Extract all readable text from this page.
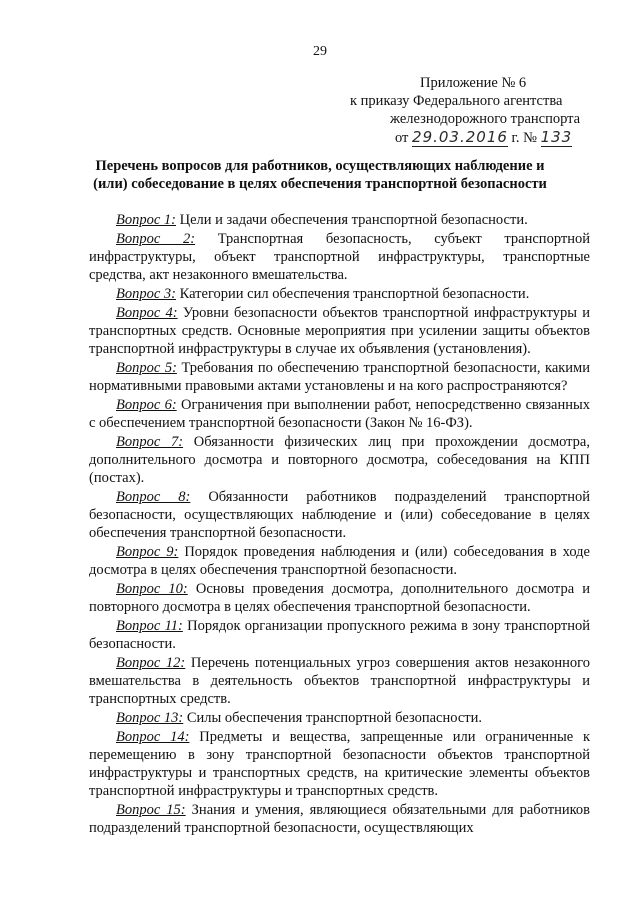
29
Приложение № 6
к приказу Федерального агентства
железнодорожного транспорта
от 29.03.2016 г. № 133
Перечень вопросов для работников, осуществляющих наблюдение и (или) собеседование в целях обеспечения транспортной безопасности

Вопрос 1: Цели и задачи обеспечения транспортной безопасности.

Вопрос 2: Транспортная безопасность, субъект транспортной инфраструктуры, объект транспортной инфраструктуры, транспортные средства, акт незаконного вмешательства.

Вопрос 3: Категории сил обеспечения транспортной безопасности.

Вопрос 4: Уровни безопасности объектов транспортной инфраструктуры и транспортных средств. Основные мероприятия при усилении защиты объектов транспортной инфраструктуры в случае их объявления (установления).

Вопрос 5: Требования по обеспечению транспортной безопасности, какими нормативными правовыми актами установлены и на кого распространяются?

Вопрос 6: Ограничения при выполнении работ, непосредственно связанных с обеспечением транспортной безопасности (Закон № 16-ФЗ).

Вопрос 7: Обязанности физических лиц при прохождении досмотра, дополнительного досмотра и повторного досмотра, собеседования на КПП (постах).

Вопрос 8: Обязанности работников подразделений транспортной безопасности, осуществляющих наблюдение и (или) собеседование в целях обеспечения транспортной безопасности.

Вопрос 9: Порядок проведения наблюдения и (или) собеседования в ходе досмотра в целях обеспечения транспортной безопасности.

Вопрос 10: Основы проведения досмотра, дополнительного досмотра и повторного досмотра в целях обеспечения транспортной безопасности.

Вопрос 11: Порядок организации пропускного режима в зону транспортной безопасности.

Вопрос 12: Перечень потенциальных угроз совершения актов незаконного вмешательства в деятельность объектов транспортной инфраструктуры и транспортных средств.

Вопрос 13: Силы обеспечения транспортной безопасности.

Вопрос 14: Предметы и вещества, запрещенные или ограниченные к перемещению в зону транспортной безопасности объектов транспортной инфраструктуры и транспортных средств, на критические элементы объектов транспортной инфраструктуры и транспортных средств.

Вопрос 15: Знания и умения, являющиеся обязательными для работников подразделений транспортной безопасности, осуществляющих
